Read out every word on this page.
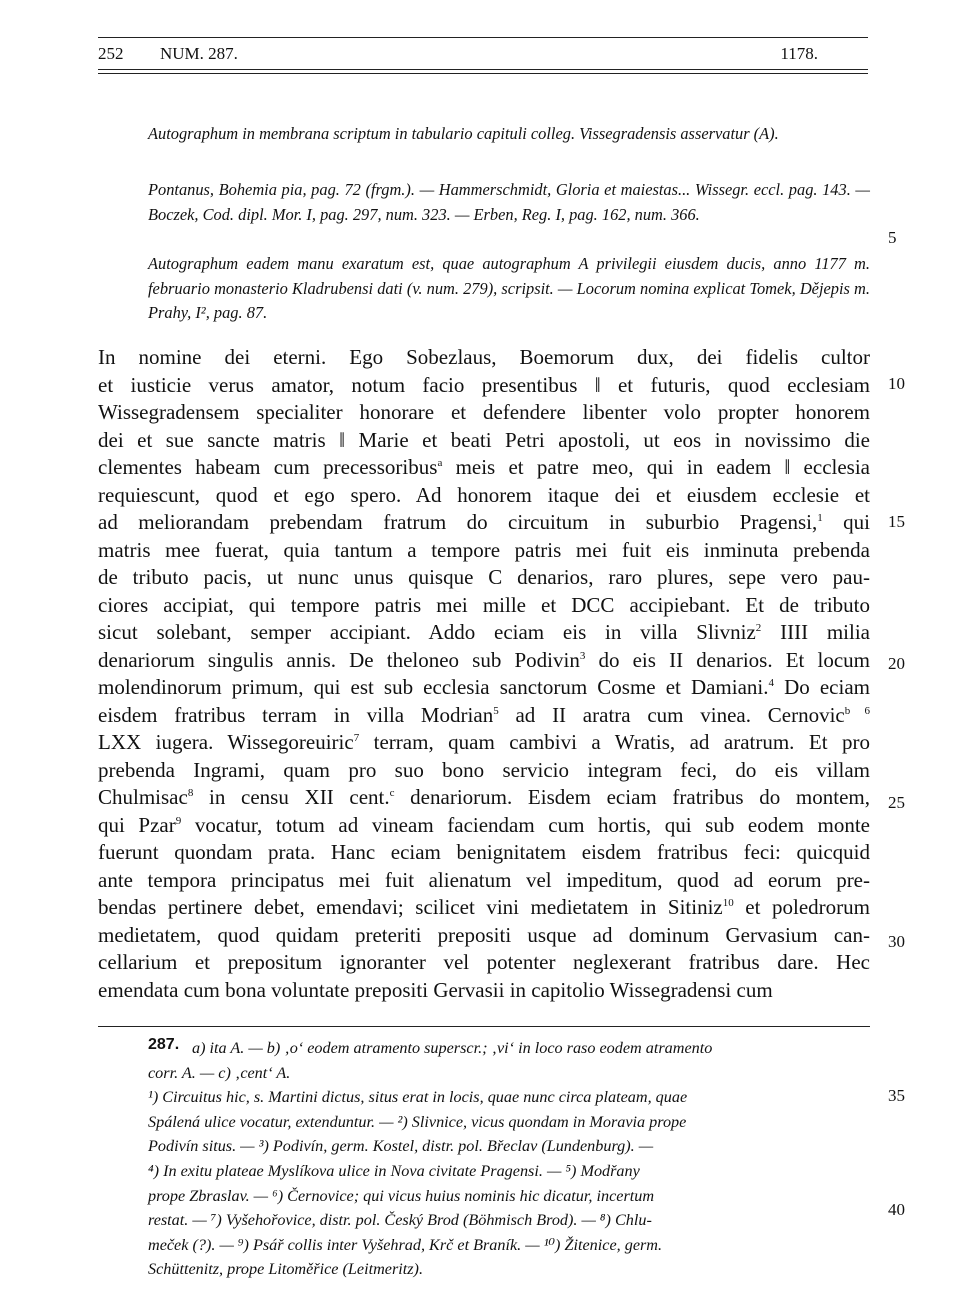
252 NUM. 287.	1178.

Autographum in membrana scriptum in tabulario capituli colleg. Vissegradensis asservatur (A).

Pontanus, Bohemia pia, pag. 72 (frgm.). — Hammerschmidt, Gloria et maiestas... Wissegr. eccl. pag. 143. — Boczek, Cod. dipl. Mor. I, pag. 297, num. 323. — Erben, Reg. I, pag. 162, num. 366.

Autographum eadem manu exaratum est, quae autographum A privilegii eiusdem ducis, anno 1177 m. februario monasterio Kladrubensi dati (v. num. 279), scripsit. — Locorum nomina explicat Tomek, Dějepis m. Prahy, I², pag. 87.

In nomine dei eterni. Ego Sobezlaus, Boemorum dux, dei fidelis cultor
et iusticie verus amator, notum facio presentibus ‖ et futuris, quod ecclesiam
Wissegradensem specialiter honorare et defendere libenter volo propter honorem
dei et sue sancte matris ‖ Marie et beati Petri apostoli, ut eos in novissimo die
clementes habeam cum precessoribus$^a$ meis et patre meo, qui in eadem ‖ ecclesia
requiescunt, quod et ego spero. Ad honorem itaque dei et eiusdem ecclesie et
ad meliorandam prebendam fratrum do circuitum in suburbio Pragensi,$^1$ qui
matris mee fuerat, quia tantum a tempore patris mei fuit eis inminuta prebenda
de tributo pacis, ut nunc unus quisque C denarios, raro plures, sepe vero pau-
ciores accipiat, qui tempore patris mei mille et DCC accipiebant. Et de tributo
sicut solebant, semper accipiant. Addo eciam eis in villa Slivniz$^2$ IIII milia
denariorum singulis annis. De theloneo sub Podivin$^3$ do eis II denarios. Et locum
molendinorum primum, qui est sub ecclesia sanctorum Cosme et Damiani.$^4$ Do eciam
eisdem fratribus terram in villa Modrian$^5$ ad II aratra cum vinea. Cernovic$^{b 6}$
LXX iugera. Wissegoreuiric$^7$ terram, quam cambivi a Wratis, ad aratrum. Et pro
prebenda Ingrami, quam pro suo bono servicio integram feci, do eis villam
Chulmisac$^8$ in censu XII cent.$^c$ denariorum. Eisdem eciam fratribus do montem,
qui Pzar$^9$ vocatur, totum ad vineam faciendam cum hortis, qui sub eodem monte
fuerunt quondam prata. Hanc eciam benignitatem eisdem fratribus feci: quicquid
ante tempora principatus mei fuit alienatum vel impeditum, quod ad eorum pre-
bendas pertinere debet, emendavi; scilicet vini medietatem in Sitiniz$^{10}$ et poledrorum
medietatem, quod quidam preteriti prepositi usque ad dominum Gervasium can-
cellarium et prepositum ignoranter vel potenter neglexerant fratribus dare. Hec
emendata cum bona voluntate prepositi Gervasii in capitolio Wissegradensi cum
5
10
15
20
25
30
35
40
287. a) ita A. — b) ‚o‘ eodem atramento superscr.; ‚vi‘ in loco raso eodem atramento

corr. A. — c) ‚cent‘ A.

¹) Circuitus hic, s. Martini dictus, situs erat in locis, quae nunc circa plateam, quae

Spálená ulice vocatur, extenduntur. — ²) Slivnice, vicus quondam in Moravia prope

Podivín situs. — ³) Podivín, germ. Kostel, distr. pol. Břeclav (Lundenburg). —

⁴) In exitu plateae Myslíkova ulice in Nova civitate Pragensi. — ⁵) Modřany

prope Zbraslav. — ⁶) Černovice; qui vicus huius nominis hic dicatur, incertum

restat. — ⁷) Vyšehořovice, distr. pol. Český Brod (Böhmisch Brod). — ⁸) Chlu-

meček (?). — ⁹) Psář collis inter Vyšehrad, Krč et Braník. — ¹⁰) Žitenice, germ.

Schüttenitz, prope Litoměřice (Leitmeritz).
